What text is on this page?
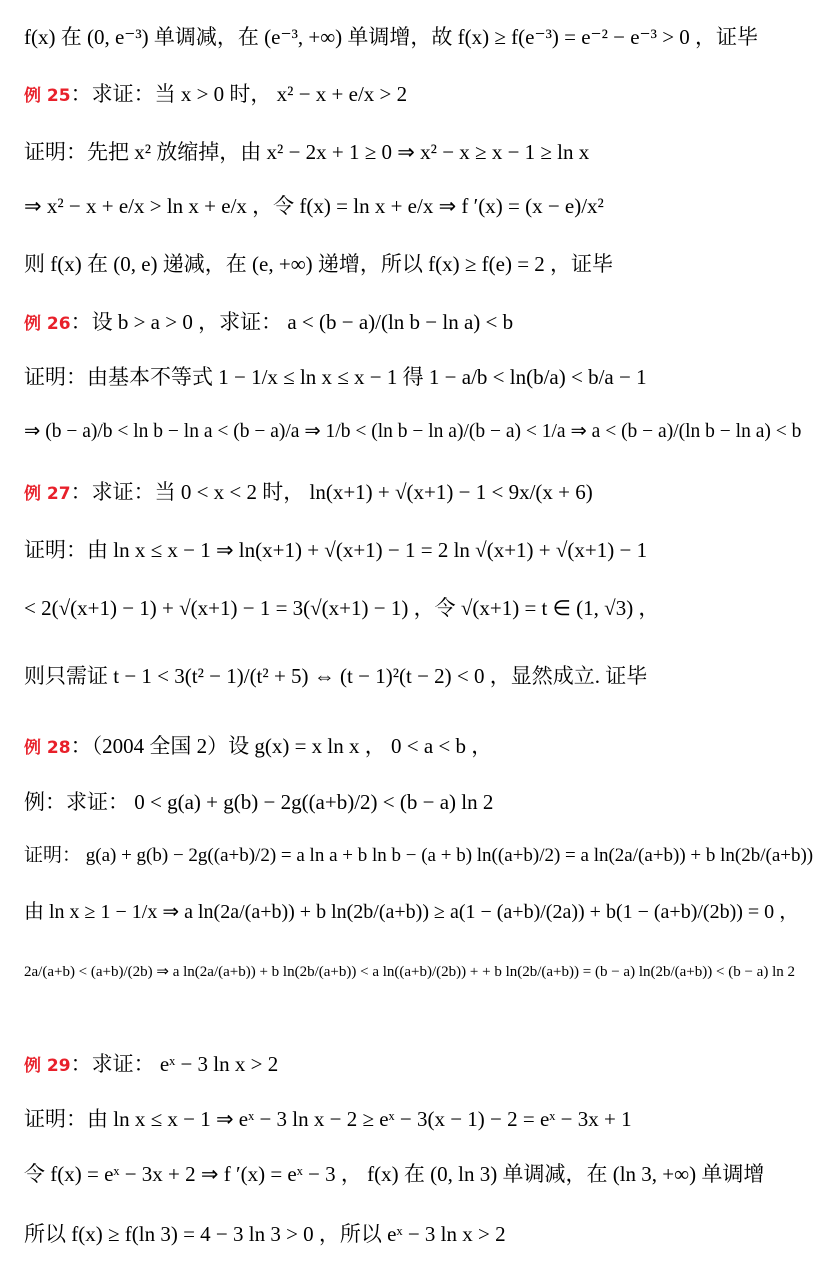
f(x) 在 (0, e⁻³) 单调减，在 (e⁻³, +∞) 单调增，故 f(x) ≥ f(e⁻³) = e⁻² − e⁻³ > 0 ，证毕
例 25：求证：当 x > 0 时， x² − x + e/x > 2
证明：先把 x² 放缩掉，由 x² − 2x + 1 ≥ 0 ⇒ x² − x ≥ x − 1 ≥ ln x
⇒ x² − x + e/x > ln x + e/x ，令 f(x) = ln x + e/x ⇒ f ′(x) = (x − e)/x²
则 f(x) 在 (0, e) 递减，在 (e, +∞) 递增，所以 f(x) ≥ f(e) = 2 ，证毕
例 26：设 b > a > 0 ，求证： a < (b − a)/(ln b − ln a) < b
证明：由基本不等式 1 − 1/x ≤ ln x ≤ x − 1 得 1 − a/b < ln(b/a) < b/a − 1
⇒ (b − a)/b < ln b − ln a < (b − a)/a ⇒ 1/b < (ln b − ln a)/(b − a) < 1/a ⇒ a < (b − a)/(ln b − ln a) < b
例 27：求证：当 0 < x < 2 时， ln(x+1) + √(x+1) − 1 < 9x/(x + 6)
证明：由 ln x ≤ x − 1 ⇒ ln(x+1) + √(x+1) − 1 = 2 ln √(x+1) + √(x+1) − 1
< 2(√(x+1) − 1) + √(x+1) − 1 = 3(√(x+1) − 1) ，令 √(x+1) = t ∈ (1, √3) ，
则只需证 t − 1 < 3(t² − 1)/(t² + 5) ⇔ (t − 1)²(t − 2) < 0 ，显然成立. 证毕
例 28：（2004 全国 2）设 g(x) = x ln x ， 0 < a < b ，
例：求证： 0 < g(a) + g(b) − 2g((a+b)/2) < (b − a) ln 2
证明： g(a) + g(b) − 2g((a+b)/2) = a ln a + b ln b − (a + b) ln((a+b)/2) = a ln(2a/(a+b)) + b ln(2b/(a+b))
由 ln x ≥ 1 − 1/x ⇒ a ln(2a/(a+b)) + b ln(2b/(a+b)) ≥ a(1 − (a+b)/(2a)) + b(1 − (a+b)/(2b)) = 0 ，
2a/(a+b) < (a+b)/(2b) ⇒ a ln(2a/(a+b)) + b ln(2b/(a+b)) < a ln((a+b)/(2b)) + + b ln(2b/(a+b)) = (b − a) ln(2b/(a+b)) < (b − a) ln 2
例 29：求证： eˣ − 3 ln x > 2
证明：由 ln x ≤ x − 1 ⇒ eˣ − 3 ln x − 2 ≥ eˣ − 3(x − 1) − 2 = eˣ − 3x + 1
令 f(x) = eˣ − 3x + 2 ⇒ f ′(x) = eˣ − 3 ， f(x) 在 (0, ln 3) 单调减，在 (ln 3, +∞) 单调增
所以 f(x) ≥ f(ln 3) = 4 − 3 ln 3 > 0 ，所以 eˣ − 3 ln x > 2
